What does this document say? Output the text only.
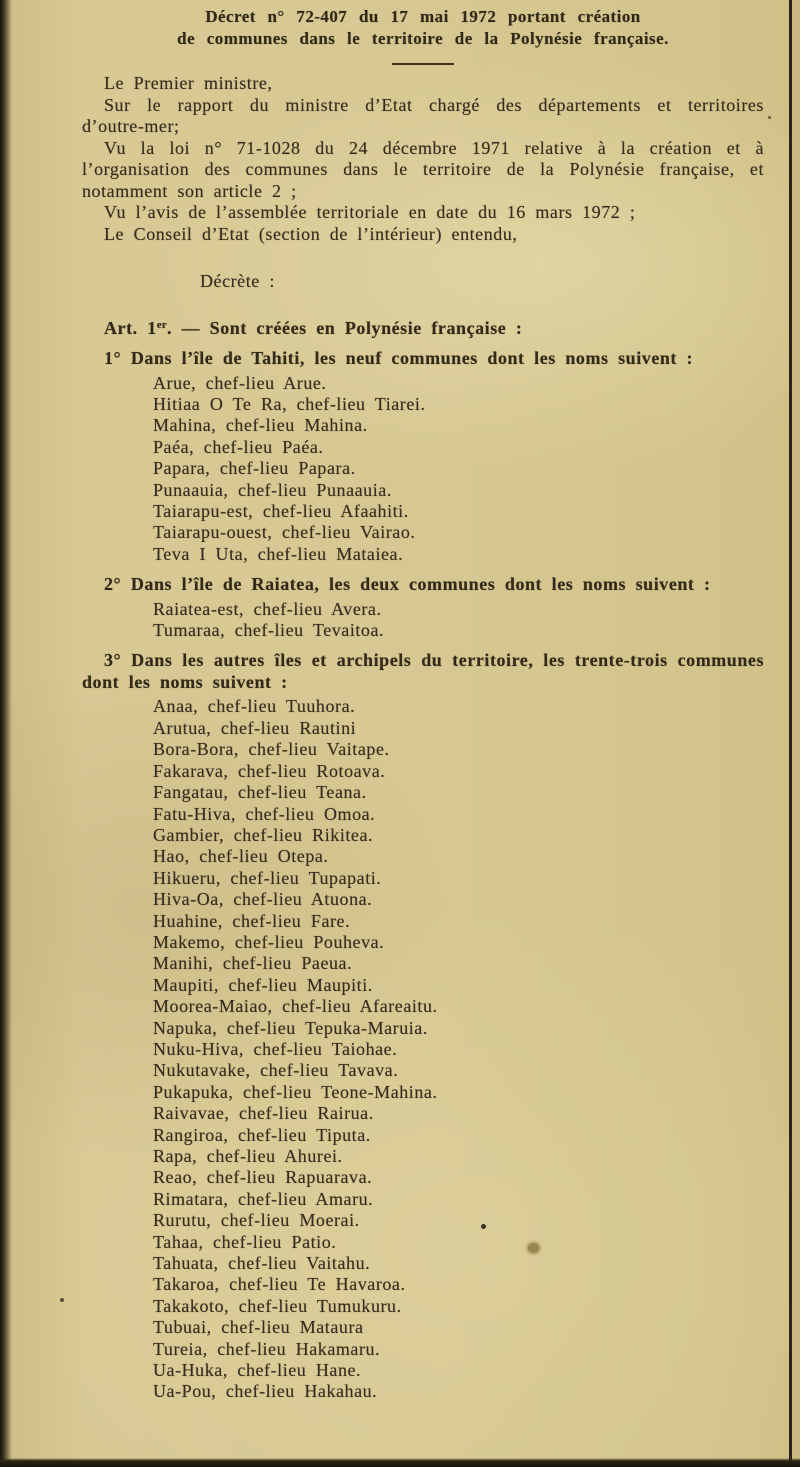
Décret n° 72-407 du 17 mai 1972 portant création
de communes dans le territoire de la Polynésie française.

Le Premier ministre,

Sur le rapport du ministre d’Etat chargé des départements et territoires d’outre-mer;

Vu la loi n° 71-1028 du 24 décembre 1971 relative à la création et à l’organisation des communes dans le territoire de la Polynésie française, et notamment son article 2 ;

Vu l’avis de l’assemblée territoriale en date du 16 mars 1972 ;

Le Conseil d’Etat (section de l’intérieur) entendu,

Décrète :

Art. 1er. — Sont créées en Polynésie française :

1° Dans l’île de Tahiti, les neuf communes dont les noms suivent :

Arue, chef-lieu Arue.
Hitiaa O Te Ra, chef-lieu Tiarei.
Mahina, chef-lieu Mahina.
Paéa, chef-lieu Paéa.
Papara, chef-lieu Papara.
Punaauia, chef-lieu Punaauia.
Taiarapu-est, chef-lieu Afaahiti.
Taiarapu-ouest, chef-lieu Vairao.
Teva I Uta, chef-lieu Mataiea.

2° Dans l’île de Raiatea, les deux communes dont les noms suivent :

Raiatea-est, chef-lieu Avera.
Tumaraa, chef-lieu Tevaitoa.

3° Dans les autres îles et archipels du territoire, les trente-trois communes dont les noms suivent :

Anaa, chef-lieu Tuuhora.
Arutua, chef-lieu Rautini
Bora-Bora, chef-lieu Vaitape.
Fakarava, chef-lieu Rotoava.
Fangatau, chef-lieu Teana.
Fatu-Hiva, chef-lieu Omoa.
Gambier, chef-lieu Rikitea.
Hao, chef-lieu Otepa.
Hikueru, chef-lieu Tupapati.
Hiva-Oa, chef-lieu Atuona.
Huahine, chef-lieu Fare.
Makemo, chef-lieu Pouheva.
Manihi, chef-lieu Paeua.
Maupiti, chef-lieu Maupiti.
Moorea-Maiao, chef-lieu Afareaitu.
Napuka, chef-lieu Tepuka-Maruia.
Nuku-Hiva, chef-lieu Taiohae.
Nukutavake, chef-lieu Tavava.
Pukapuka, chef-lieu Teone-Mahina.
Raivavae, chef-lieu Rairua.
Rangiroa, chef-lieu Tiputa.
Rapa, chef-lieu Ahurei.
Reao, chef-lieu Rapuarava.
Rimatara, chef-lieu Amaru.
Rurutu, chef-lieu Moerai.
Tahaa, chef-lieu Patio.
Tahuata, chef-lieu Vaitahu.
Takaroa, chef-lieu Te Havaroa.
Takakoto, chef-lieu Tumukuru.
Tubuai, chef-lieu Mataura
Tureia, chef-lieu Hakamaru.
Ua-Huka, chef-lieu Hane.
Ua-Pou, chef-lieu Hakahau.
